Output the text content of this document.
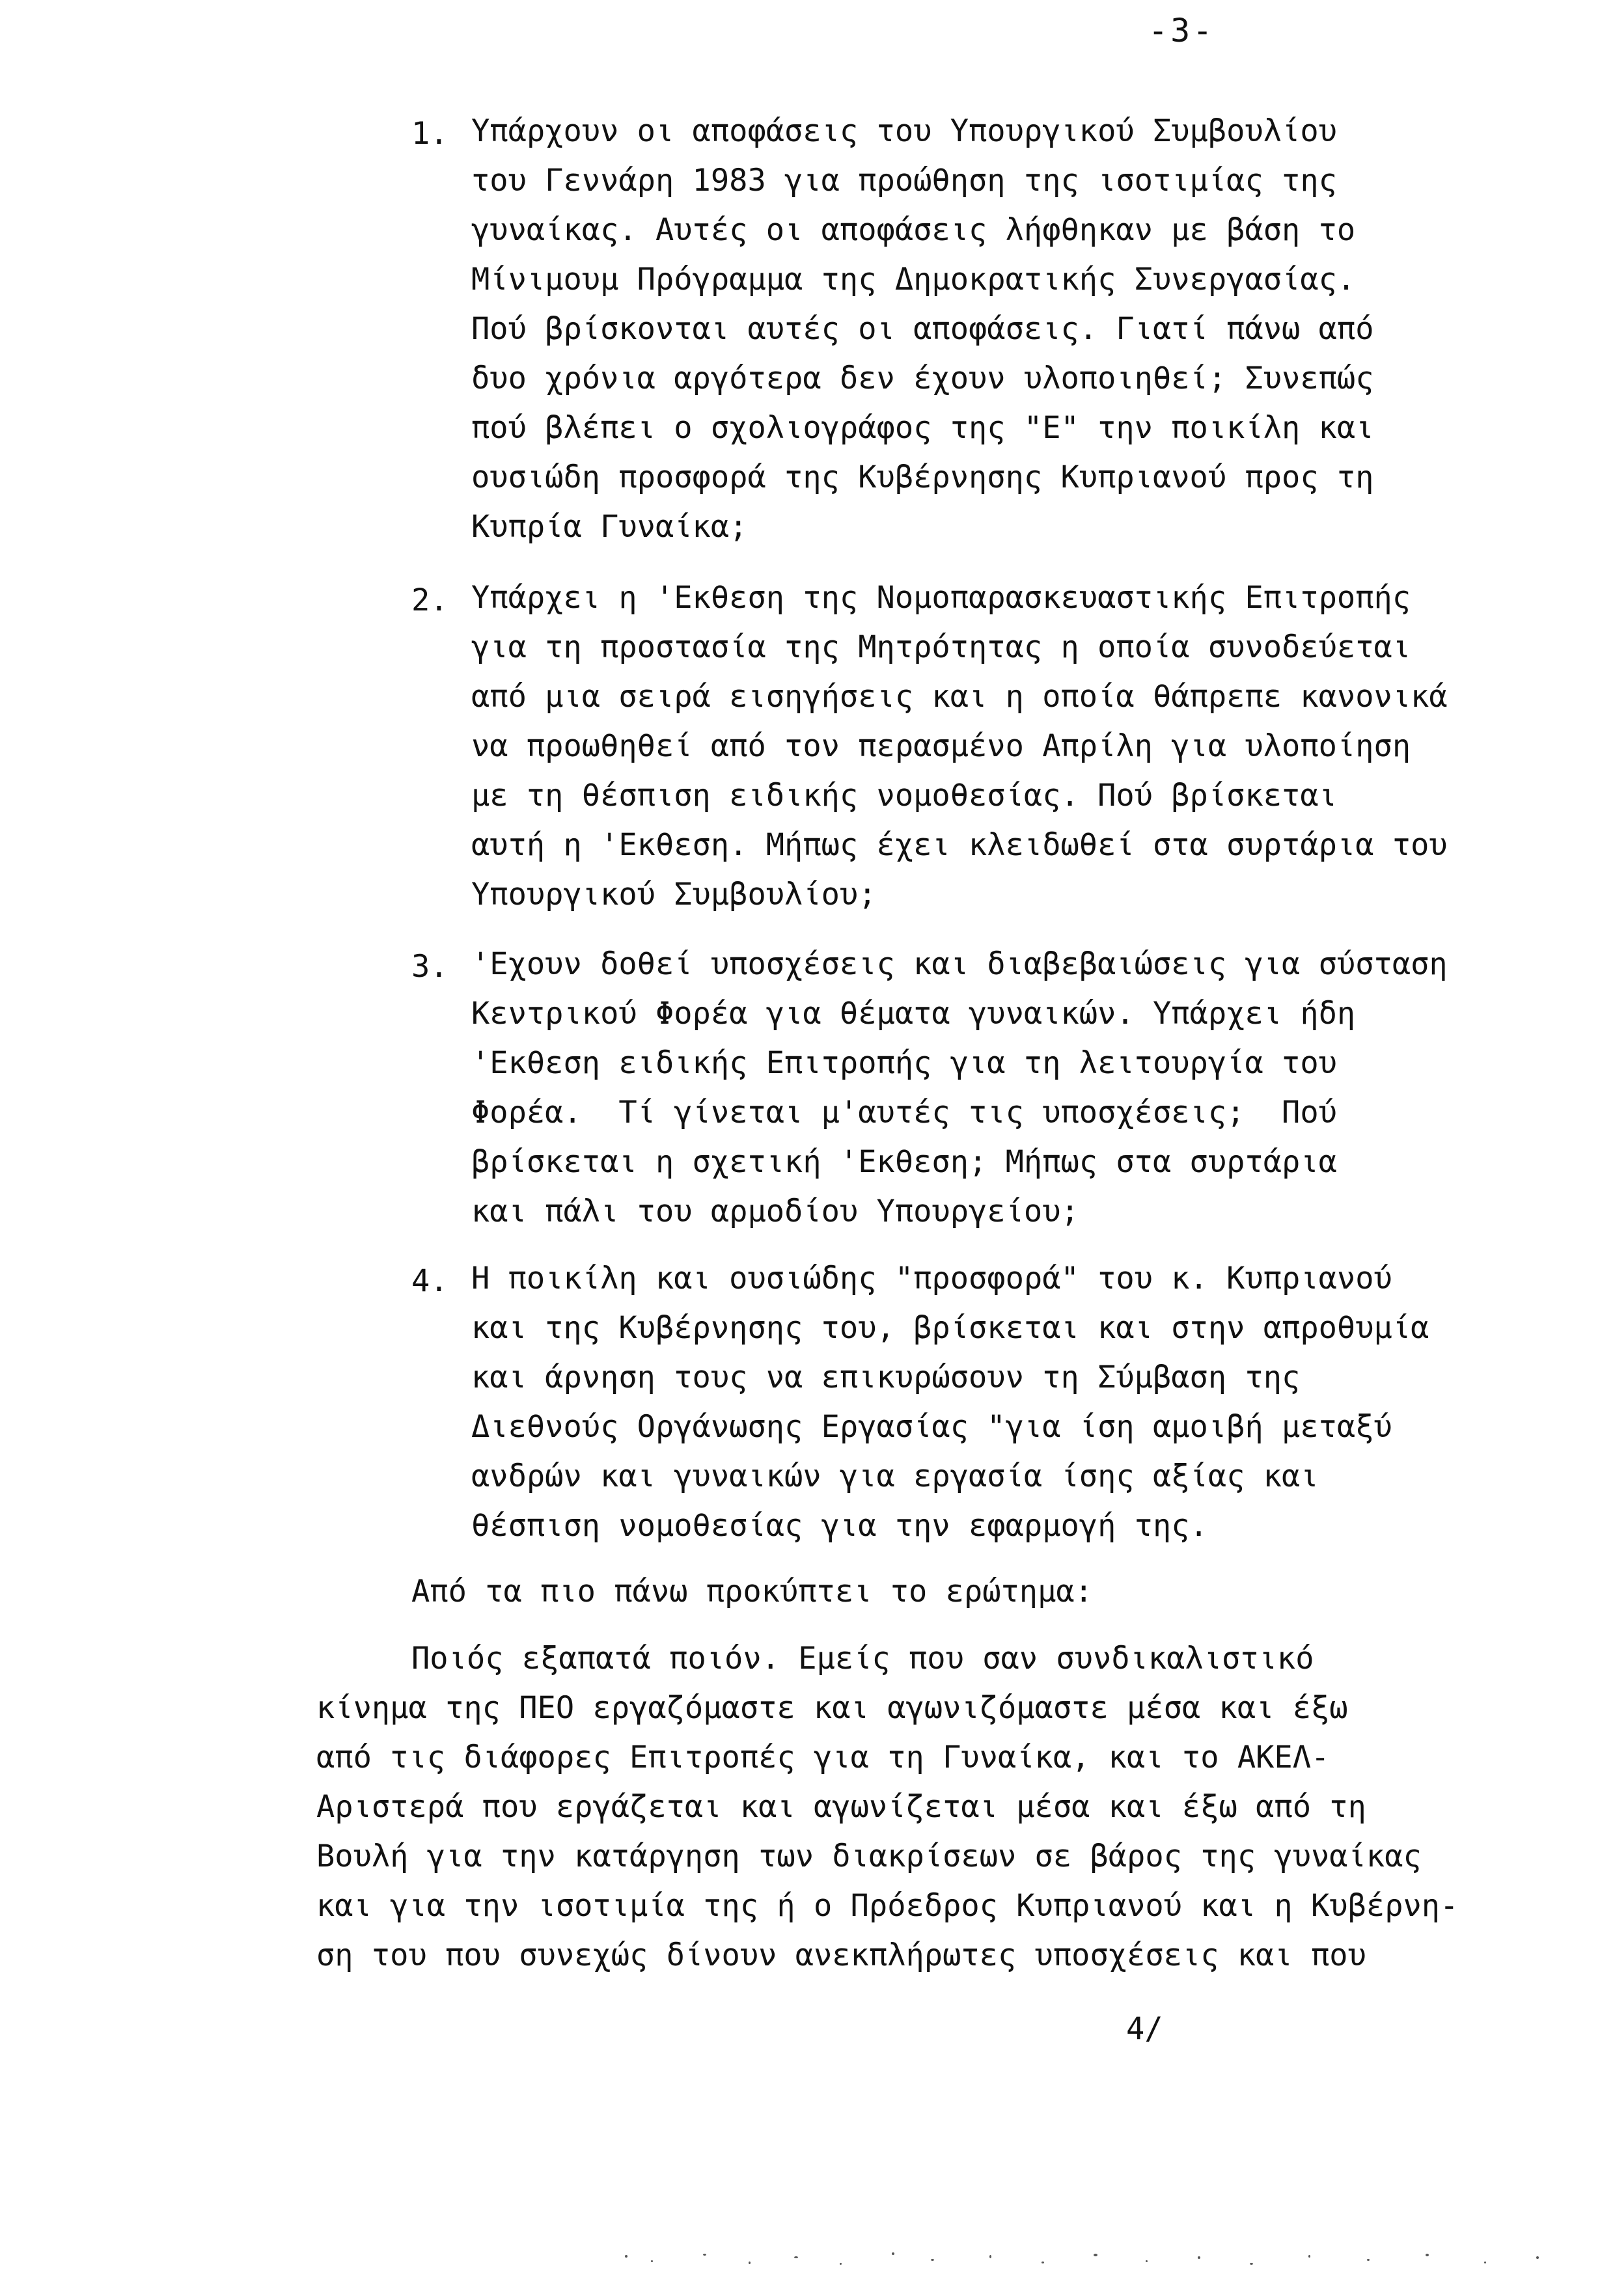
-3-
1. Υπάρχουν οι αποφάσεις του Υπουργικού Συμβουλίου
του Γεννάρη 1983 για προώθηση της ισοτιμίας της
γυναίκας. Αυτές οι αποφάσεις λήφθηκαν με βάση το
Μίνιμουμ Πρόγραμμα της Δημοκρατικής Συνεργασίας.
Πού βρίσκονται αυτές οι αποφάσεις. Γιατί πάνω από
δυο χρόνια αργότερα δεν έχουν υλοποιηθεί; Συνεπώς
πού βλέπει ο σχολιογράφος της "Ε" την ποικίλη και
ουσιώδη προσφορά της Κυβέρνησης Κυπριανού προς τη
Κυπρία Γυναίκα;
2. Υπάρχει η 'Εκθεση της Νομοπαρασκευαστικής Επιτροπής
για τη προστασία της Μητρότητας η οποία συνοδεύεται
από μια σειρά εισηγήσεις και η οποία θάπρεπε κανονικά
να προωθηθεί από τον περασμένο Απρίλη για υλοποίηση
με τη θέσπιση ειδικής νομοθεσίας. Πού βρίσκεται
αυτή η 'Εκθεση. Μήπως έχει κλειδωθεί στα συρτάρια του
Υπουργικού Συμβουλίου;
3. 'Εχουν δοθεί υποσχέσεις και διαβεβαιώσεις για σύσταση
Κεντρικού Φορέα για θέματα γυναικών. Υπάρχει ήδη
'Εκθεση ειδικής Επιτροπής για τη λειτουργία του
Φορέα.  Τί γίνεται μ'αυτές τις υποσχέσεις;  Πού
βρίσκεται η σχετική 'Εκθεση; Μήπως στα συρτάρια
και πάλι του αρμοδίου Υπουργείου;
4. Η ποικίλη και ουσιώδης "προσφορά" του κ. Κυπριανού
και της Κυβέρνησης του, βρίσκεται και στην απροθυμία
και άρνηση τους να επικυρώσουν τη Σύμβαση της
Διεθνούς Οργάνωσης Εργασίας "για ίση αμοιβή μεταξύ
ανδρών και γυναικών για εργασία ίσης αξίας και
θέσπιση νομοθεσίας για την εφαρμογή της.
Από τα πιο πάνω προκύπτει το ερώτημα:
Ποιός εξαπατά ποιόν. Εμείς που σαν συνδικαλιστικό
κίνημα της ΠΕΟ εργαζόμαστε και αγωνιζόμαστε μέσα και έξω
από τις διάφορες Επιτροπές για τη Γυναίκα, και το ΑΚΕΛ-
Αριστερά που εργάζεται και αγωνίζεται μέσα και έξω από τη
Βουλή για την κατάργηση των διακρίσεων σε βάρος της γυναίκας
και για την ισοτιμία της ή ο Πρόεδρος Κυπριανού και η Κυβέρνη-
ση του που συνεχώς δίνουν ανεκπλήρωτες υποσχέσεις και που
4/
